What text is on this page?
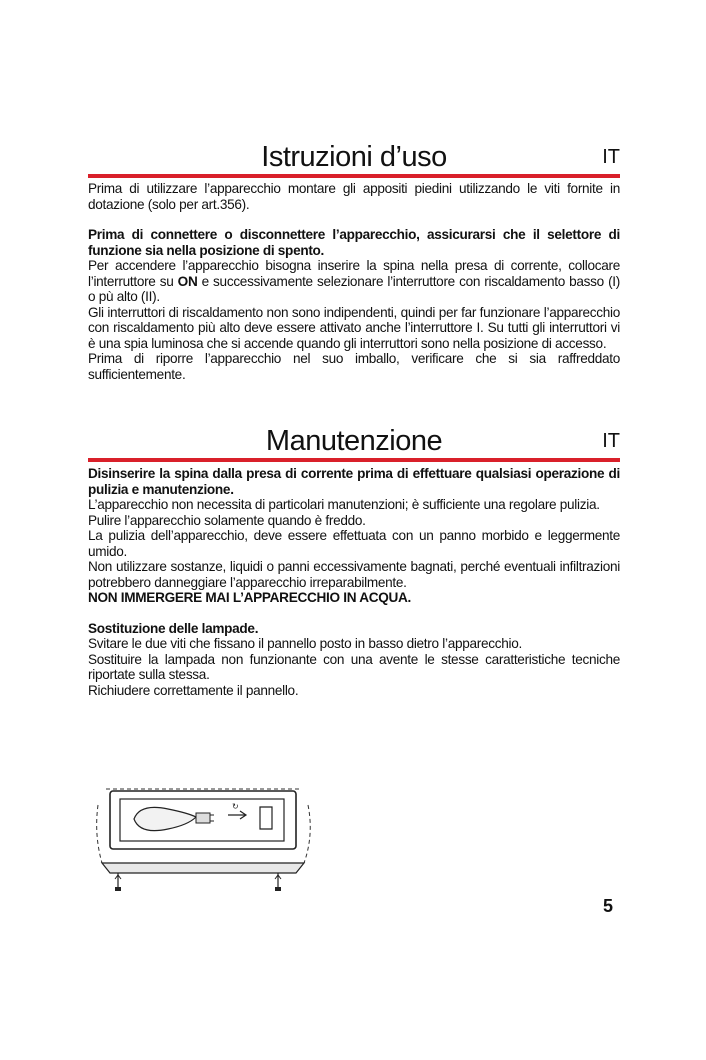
Istruzioni d’uso	IT

Prima di utilizzare l’apparecchio montare gli appositi piedini utilizzando le viti fornite in dotazione (solo per art.356).

Prima di connettere o disconnettere l’apparecchio, assicurarsi che il selettore di funzione sia nella posizione di spento.

Per accendere l’apparecchio bisogna inserire la spina nella presa di corrente, collocare l’interruttore su ON e successivamente selezionare l’interruttore con riscaldamento basso (I) o pù alto (II).

Gli interruttori di riscaldamento non sono indipendenti, quindi per far funzionare l’apparecchio con riscaldamento più alto deve essere attivato anche l’interruttore I. Su tutti gli interruttori vi è una spia luminosa che si accende quando gli interruttori sono nella posizione di accesso.

Prima di riporre l’apparecchio nel suo imballo, verificare che si sia raffreddato sufficientemente.

Manutenzione	IT

Disinserire la spina dalla presa di corrente prima di effettuare qualsiasi operazione di pulizia e manutenzione.

L’apparecchio non necessita di particolari manutenzioni; è sufficiente una regolare pulizia.

Pulire l’apparecchio solamente quando è freddo.

La pulizia dell’apparecchio, deve essere effettuata con un panno morbido e leggermente umido.

Non utilizzare sostanze, liquidi o panni eccessivamente bagnati, perché eventuali infiltrazioni potrebbero danneggiare l’apparecchio irreparabilmente.

NON IMMERGERE MAI L’APPARECCHIO IN ACQUA.

Sostituzione delle lampade.

Svitare le due viti che fissano il pannello posto in basso dietro l’apparecchio.

Sostituire la lampada non funzionante con una avente le stesse caratteristiche tecniche riportate sulla stessa.

Richiudere correttamente il pannello.

↻
5
